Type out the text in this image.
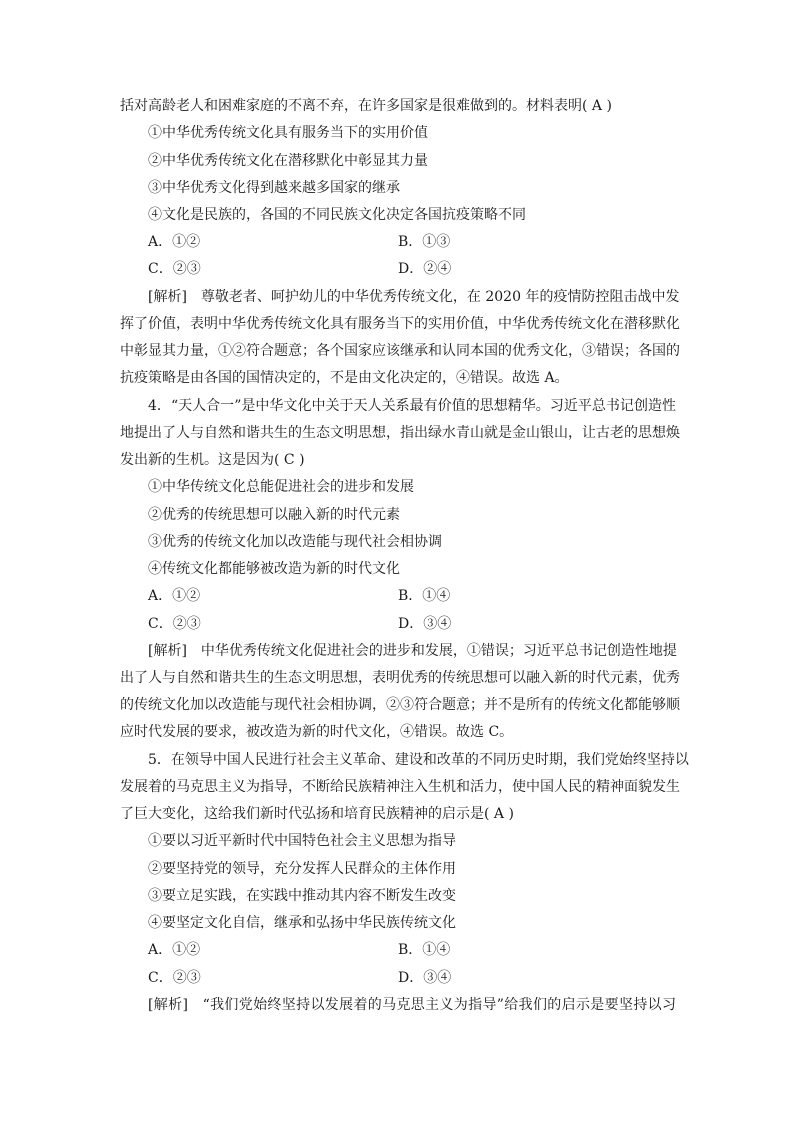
括对高龄老人和困难家庭的不离不弃，在许多国家是很难做到的。材料表明( A )
①中华优秀传统文化具有服务当下的实用价值
②中华优秀传统文化在潜移默化中彰显其力量
③中华优秀文化得到越来越多国家的继承
④文化是民族的，各国的不同民族文化决定各国抗疫策略不同
A．①②	B．①③
C．②③	D．②④
[解析]　尊敬老者、呵护幼儿的中华优秀传统文化，在 2020 年的疫情防控阻击战中发
挥了价值，表明中华优秀传统文化具有服务当下的实用价值，中华优秀传统文化在潜移默化
中彰显其力量，①②符合题意；各个国家应该继承和认同本国的优秀文化，③错误；各国的
抗疫策略是由各国的国情决定的，不是由文化决定的，④错误。故选 A。
4．“天人合一”是中华文化中关于天人关系最有价值的思想精华。习近平总书记创造性
地提出了人与自然和谐共生的生态文明思想，指出绿水青山就是金山银山，让古老的思想焕
发出新的生机。这是因为( C )
①中华传统文化总能促进社会的进步和发展
②优秀的传统思想可以融入新的时代元素
③优秀的传统文化加以改造能与现代社会相协调
④传统文化都能够被改造为新的时代文化
A．①②	B．①④
C．②③	D．③④
[解析]　中华优秀传统文化促进社会的进步和发展，①错误；习近平总书记创造性地提
出了人与自然和谐共生的生态文明思想，表明优秀的传统思想可以融入新的时代元素，优秀
的传统文化加以改造能与现代社会相协调，②③符合题意；并不是所有的传统文化都能够顺
应时代发展的要求，被改造为新的时代文化，④错误。故选 C。
5．在领导中国人民进行社会主义革命、建设和改革的不同历史时期，我们党始终坚持以
发展着的马克思主义为指导，不断给民族精神注入生机和活力，使中国人民的精神面貌发生
了巨大变化，这给我们新时代弘扬和培育民族精神的启示是( A )
①要以习近平新时代中国特色社会主义思想为指导
②要坚持党的领导，充分发挥人民群众的主体作用
③要立足实践，在实践中推动其内容不断发生改变
④要坚定文化自信，继承和弘扬中华民族传统文化
A．①②	B．①④
C．②③	D．③④
[解析]　“我们党始终坚持以发展着的马克思主义为指导”给我们的启示是要坚持以习
